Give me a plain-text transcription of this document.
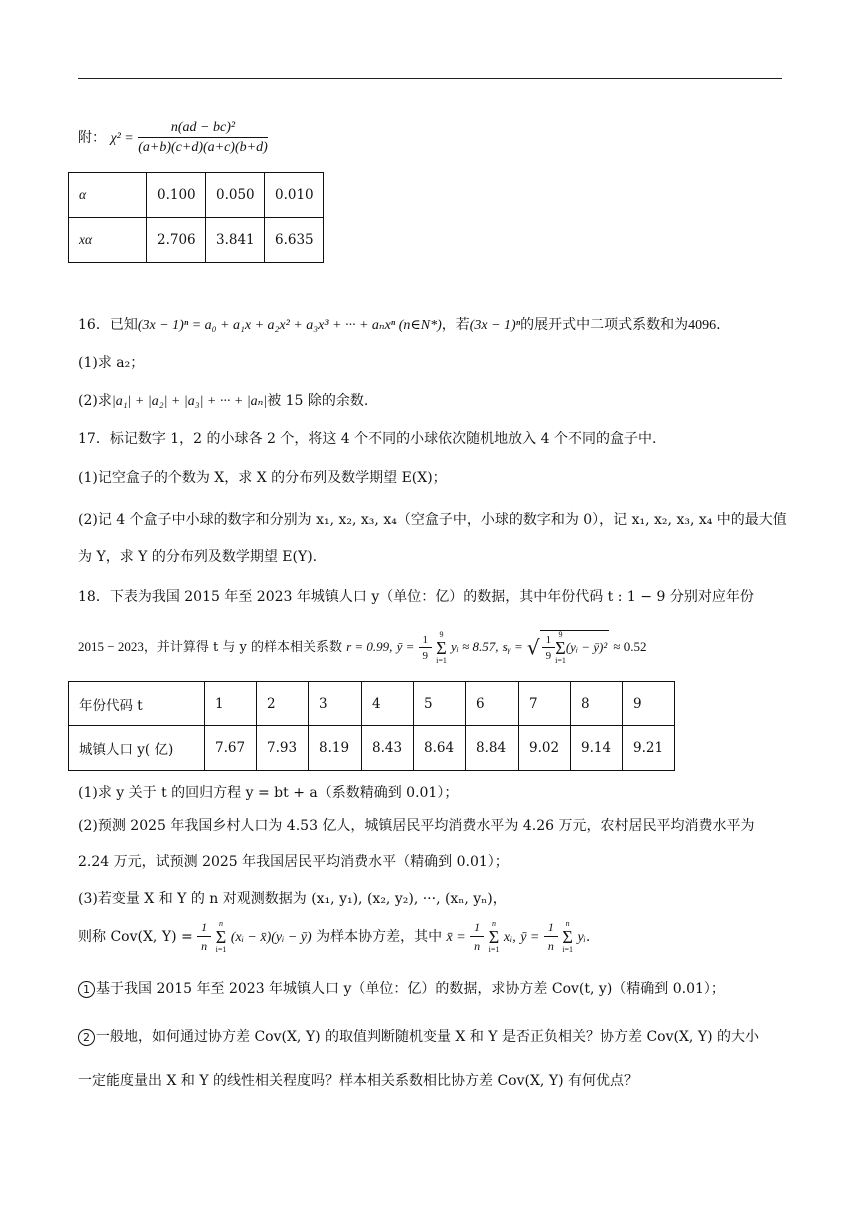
附： $\chi^2 = \frac{\text{n(ad − bc)²}}{(a+b)(c+d)(a+c)(b+d)}$
α	0.100	0.050	0.010
xα	2.706	3.841	6.635
16．已知(3x − 1)ⁿ = a₀ + a₁x + a₂x² + a₃x³ + ··· + aₙxⁿ (n∈N*)，若(3x − 1)ⁿ的展开式中二项式系数和为4096.
(1)求 a₂；
(2)求|a₁| + |a₂| + |a₃| + ··· + |aₙ|被 15 除的余数.
17．标记数字 1，2 的小球各 2 个，将这 4 个不同的小球依次随机地放入 4 个不同的盒子中.
(1)记空盒子的个数为 X，求 X 的分布列及数学期望 E(X)；
(2)记 4 个盒子中小球的数字和分别为 x₁, x₂, x₃, x₄（空盒子中，小球的数字和为 0），记 x₁, x₂, x₃, x₄ 中的最大值
为 Y，求 Y 的分布列及数学期望 E(Y).
18．下表为我国 2015 年至 2023 年城镇人口 y（单位：亿）的数据，其中年份代码 t : 1 − 9 分别对应年份
2015 − 2023，并计算得 t 与 y 的样本相关系数 r = 0.99, ȳ = $\frac{1}{9}$
9
Σ
i=1
yᵢ ≈ 8.57, sᵧ = √ $\frac{1}{9} 9$
Σ
i=1
(yᵢ − ȳ)² ≈ 0.52
年份代码 t	1	2	3	4	5	6	7	8	9
城镇人口 y( 亿)	7.67	7.93	8.19	8.43	8.64	8.84	9.02	9.14	9.21
(1)求 y 关于 t 的回归方程 y = bt + a（系数精确到 0.01）；
(2)预测 2025 年我国乡村人口为 4.53 亿人，城镇居民平均消费水平为 4.26 万元，农村居民平均消费水平为
2.24 万元，试预测 2025 年我国居民平均消费水平（精确到 0.01）；
(3)若变量 X 和 Y 的 n 对观测数据为 (x₁, y₁), (x₂, y₂), ···, (xₙ, yₙ)，
则称 Cov(X, $Y) = \frac{1}{n}$
n
Σ
i=1
(xᵢ − x̄)(yᵢ − ȳ) 为样本协方差，其中 x̄ = $\frac{1}{n}$
n
Σ
i=1
xᵢ, ȳ = $\frac{1}{n}$
n
Σ
i=1
yᵢ.
1 基于我国 2015 年至 2023 年城镇人口 y（单位：亿）的数据，求协方差 Cov(t, y)（精确到 0.01）；
2 一般地，如何通过协方差 Cov(X, Y) 的取值判断随机变量 X 和 Y 是否正负相关？协方差 Cov(X, Y) 的大小
一定能度量出 X 和 Y 的线性相关程度吗？样本相关系数相比协方差 Cov(X, Y) 有何优点？
